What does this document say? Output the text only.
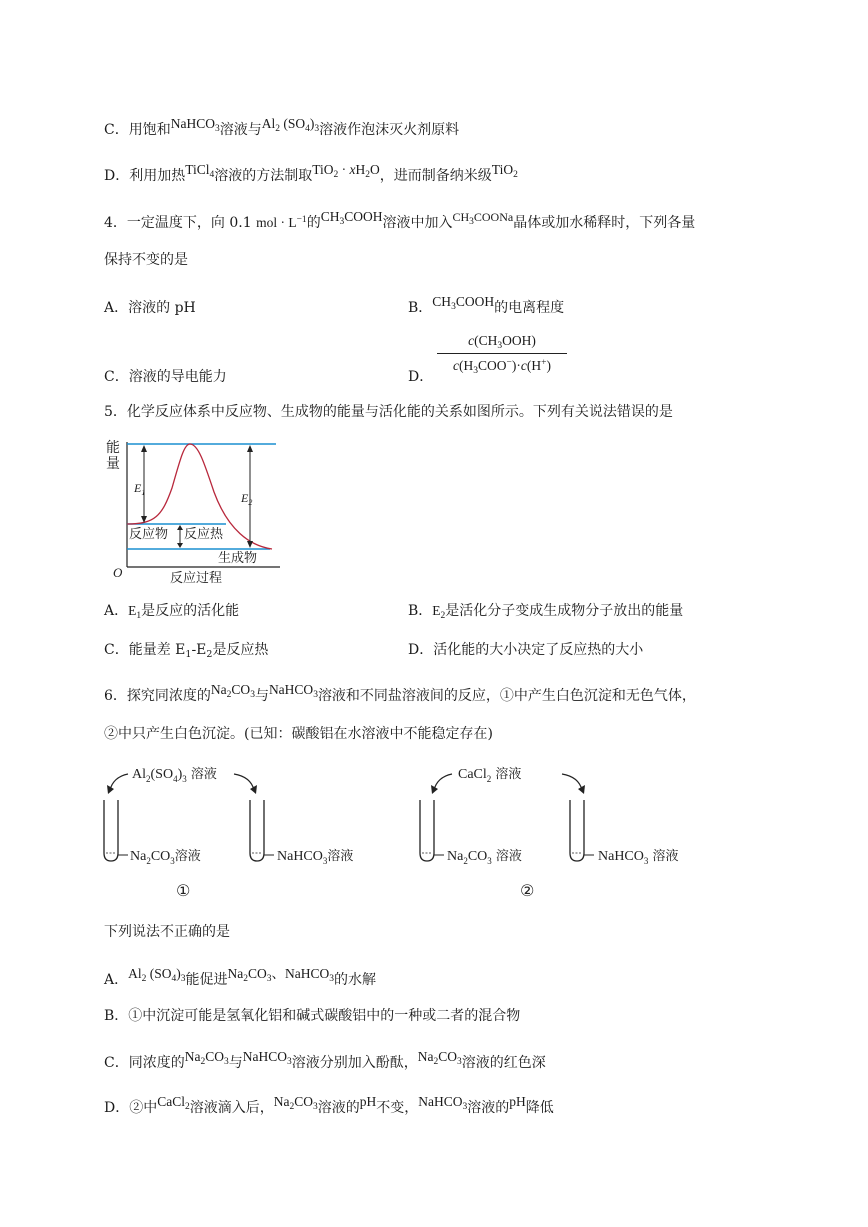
C．用饱和NaHCO$_3$溶液与$Al_2$ $(SO_4)_3$溶液作泡沫灭火剂原料
D．利用加热TiCl$_4$溶液的方法制取$TiO_2 \cdot xH_2O$，进而制备纳米级TiO$_2$
4．一定温度下，向 0.1 mol · $L^{-1}$的$CH_3COOH$溶液中加入$CH_3COONa$晶体或加水稀释时，下列各量
保持不变的是
A．溶液的 pH	B．$CH_3COOH$的电离程度
C．溶液的导电能力	D．
$c(CH_3OOH)$
$c(H_3COO^-)\cdot c(H^+)$
5．化学反应体系中反应物、生成物的能量与活化能的关系如图所示。下列有关说法错误的是
能
量
$E_1$	$E_2$
反应物 反应热
生成物
O	反应过程
A．$E_1$是反应的活化能	B．$E_2$是活化分子变成生成物分子放出的能量
C．能量差 $E_1-E_2$是反应热	D．活化能的大小决定了反应热的大小
6．探究同浓度的$Na_2CO_3$与NaHCO$_3$溶液和不同盐溶液间的反应，①中产生白色沉淀和无色气体，
②中只产生白色沉淀。(已知：碳酸铝在水溶液中不能稳定存在)
$Al_2(SO_4)_3$ 溶液
$Na_2CO_3$溶液	NaHCO$_3$溶液
①
CaCl$_2$ 溶液
$Na_2CO_3$ 溶液	NaHCO$_3$ 溶液
②
下列说法不正确的是
A．$Al_2$ $(SO_4)_3$能促进$Na_2CO_3$、NaHCO$_3$的水解
B．①中沉淀可能是氢氧化铝和碱式碳酸铝中的一种或二者的混合物
C．同浓度的$Na_2CO_3$与NaHCO$_3$溶液分别加入酚酞，$Na_2CO_3$溶液的红色深
D．②中CaCl$_2$溶液滴入后，$Na_2CO_3$溶液的pH不变，NaHCO$_3$溶液的pH降低
